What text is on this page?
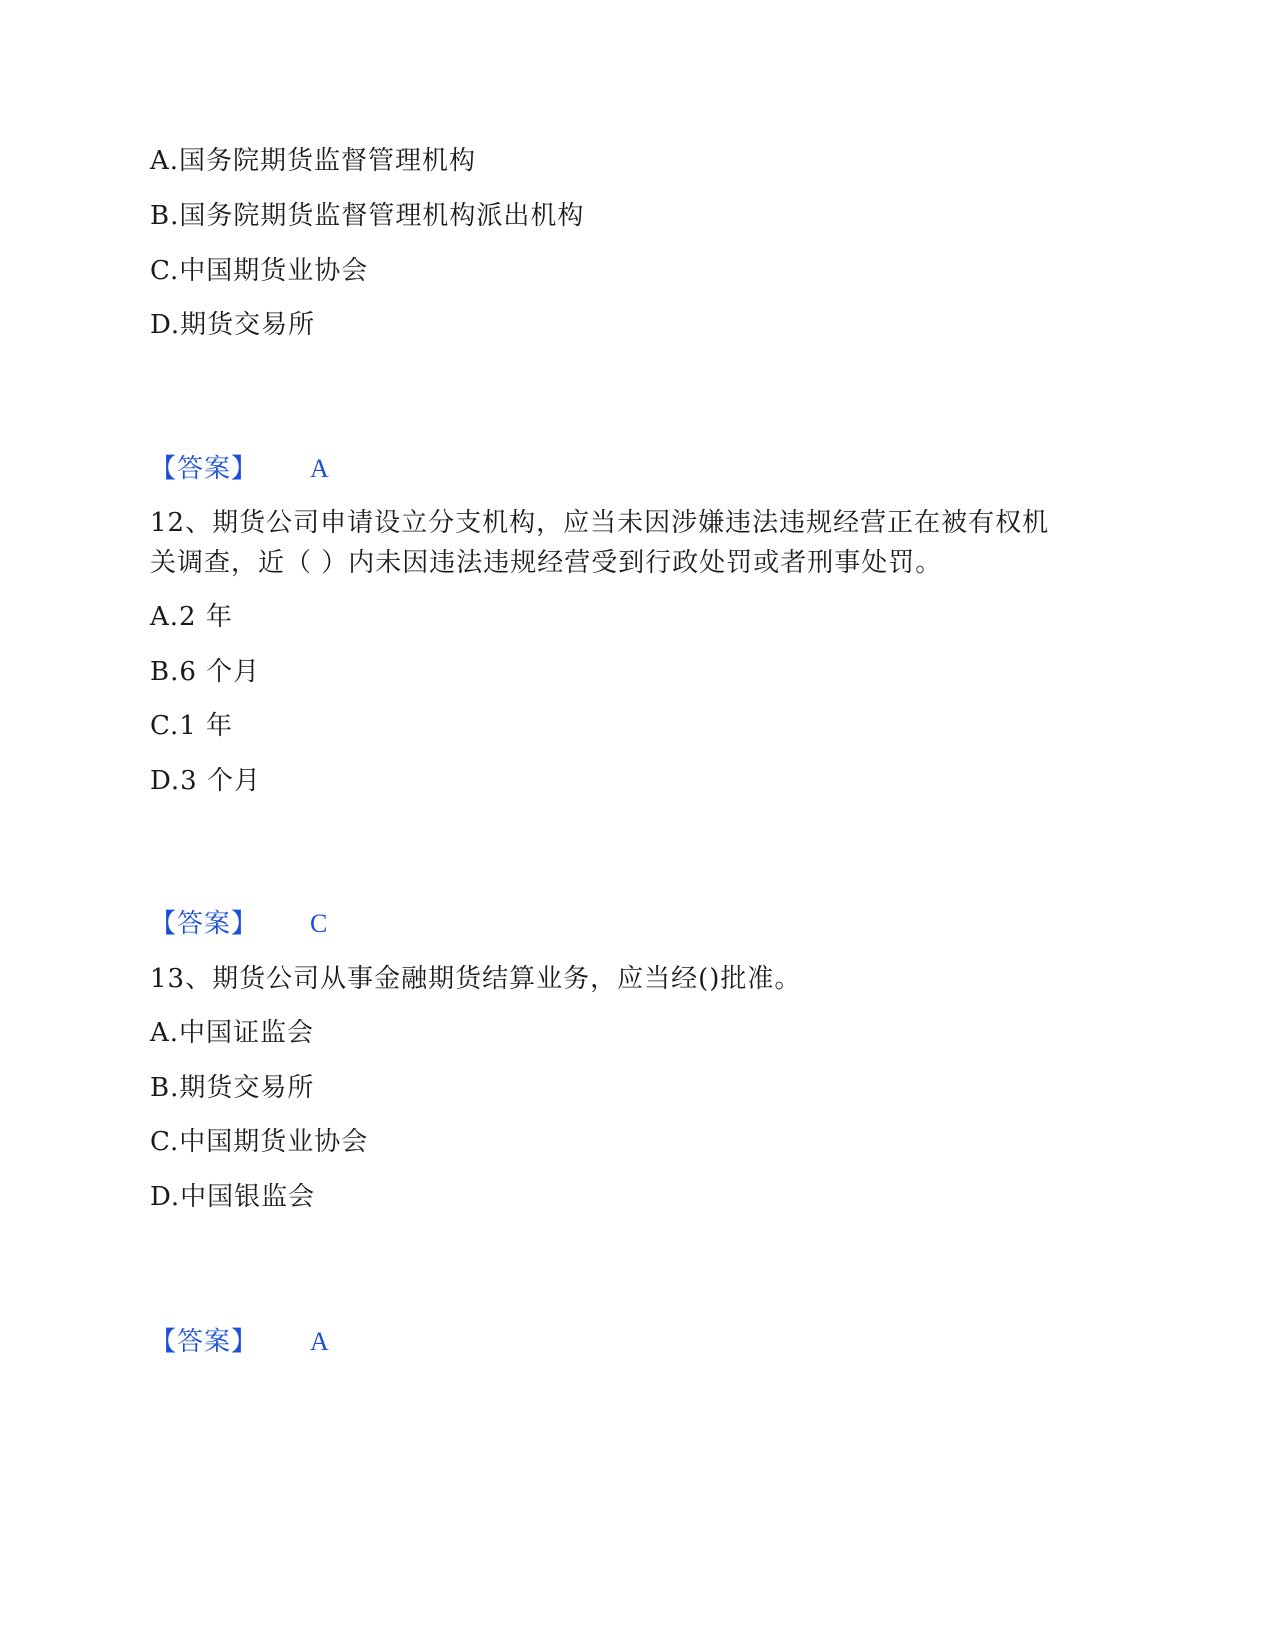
A.国务院期货监督管理机构
B.国务院期货监督管理机构派出机构
C.中国期货业协会
D.期货交易所
【答案】 A
12、期货公司申请设立分支机构，应当未因涉嫌违法违规经营正在被有权机
关调查，近（ ）内未因违法违规经营受到行政处罚或者刑事处罚。
A.2 年
B.6 个月
C.1 年
D.3 个月
【答案】 C
13、期货公司从事金融期货结算业务，应当经()批准。
A.中国证监会
B.期货交易所
C.中国期货业协会
D.中国银监会
【答案】 A
